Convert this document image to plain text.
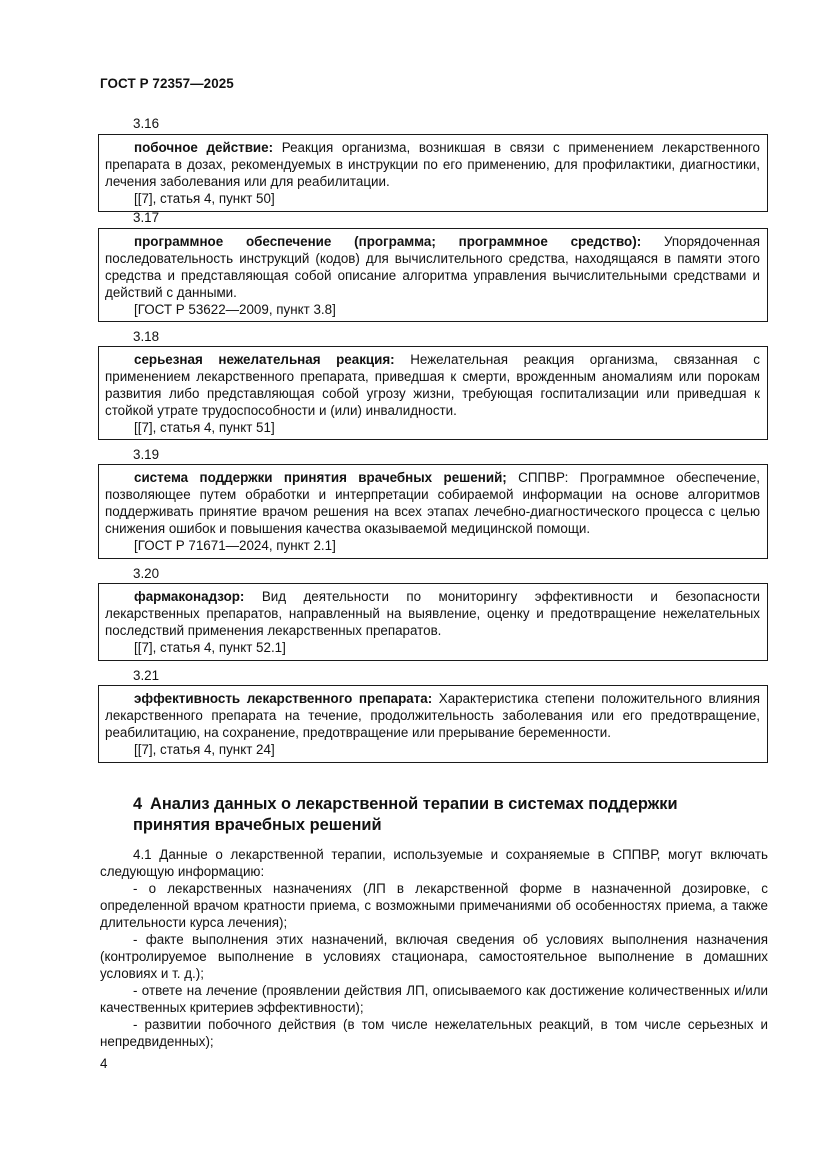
ГОСТ Р 72357—2025
3.16

побочное действие: Реакция организма, возникшая в связи с применением лекарственного препарата в дозах, рекомендуемых в инструкции по его применению, для профилактики, диагностики, лечения заболевания или для реабилитации.

[[7], статья 4, пункт 50]

3.17

программное обеспечение (программа; программное средство): Упорядоченная последовательность инструкций (кодов) для вычислительного средства, находящаяся в памяти этого средства и представляющая собой описание алгоритма управления вычислительными средствами и действий с данными.

[ГОСТ Р 53622—2009, пункт 3.8]

3.18

серьезная нежелательная реакция: Нежелательная реакция организма, связанная с применением лекарственного препарата, приведшая к смерти, врожденным аномалиям или порокам развития либо представляющая собой угрозу жизни, требующая госпитализации или приведшая к стойкой утрате трудоспособности и (или) инвалидности.

[[7], статья 4, пункт 51]

3.19

система поддержки принятия врачебных решений; СППВР: Программное обеспечение, позволяющее путем обработки и интерпретации собираемой информации на основе алгоритмов поддерживать принятие врачом решения на всех этапах лечебно-диагностического процесса с целью снижения ошибок и повышения качества оказываемой медицинской помощи.

[ГОСТ Р 71671—2024, пункт 2.1]

3.20

фармаконадзор: Вид деятельности по мониторингу эффективности и безопасности лекарственных препаратов, направленный на выявление, оценку и предотвращение нежелательных последствий применения лекарственных препаратов.

[[7], статья 4, пункт 52.1]

3.21

эффективность лекарственного препарата: Характеристика степени положительного влияния лекарственного препарата на течение, продолжительность заболевания или его предотвращение, реабилитацию, на сохранение, предотвращение или прерывание беременности.

[[7], статья 4, пункт 24]

4 Анализ данных о лекарственной терапии в системах поддержки принятия врачебных решений

4.1 Данные о лекарственной терапии, используемые и сохраняемые в СППВР, могут включать следующую информацию:

- о лекарственных назначениях (ЛП в лекарственной форме в назначенной дозировке, с определенной врачом кратности приема, с возможными примечаниями об особенностях приема, а также длительности курса лечения);

- факте выполнения этих назначений, включая сведения об условиях выполнения назначения (контролируемое выполнение в условиях стационара, самостоятельное выполнение в домашних условиях и т. д.);

- ответе на лечение (проявлении действия ЛП, описываемого как достижение количественных и/или качественных критериев эффективности);

- развитии побочного действия (в том числе нежелательных реакций, в том числе серьезных и непредвиденных);

4
